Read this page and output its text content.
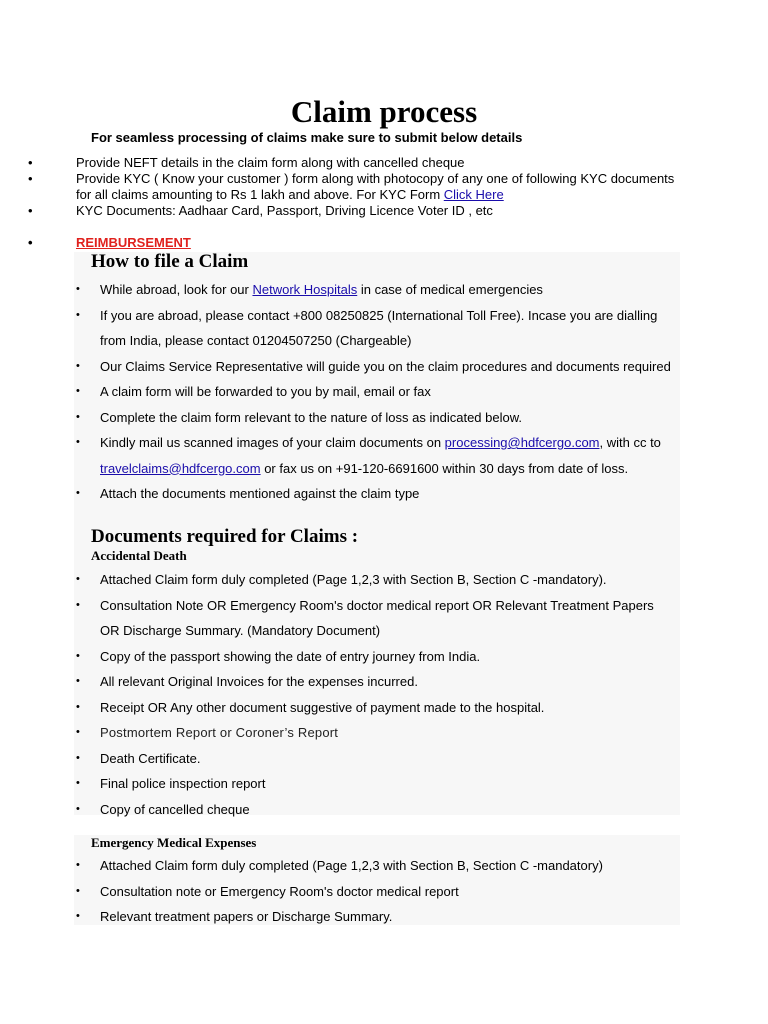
Claim process

For seamless processing of claims make sure to submit below details

• Provide NEFT details in the claim form along with cancelled cheque
• Provide KYC ( Know your customer ) form along with photocopy of any one of following KYC documents for all claims amounting to Rs 1 lakh and above. For KYC Form Click Here
• KYC Documents: Aadhaar Card, Passport, Driving Licence Voter ID , etc
• REIMBURSEMENT
How to file a Claim
• While abroad, look for our Network Hospitals in case of medical emergencies
• If you are abroad, please contact +800 08250825 (International Toll Free). Incase you are dialling from India, please contact 01204507250 (Chargeable)
• Our Claims Service Representative will guide you on the claim procedures and documents required
• A claim form will be forwarded to you by mail, email or fax
• Complete the claim form relevant to the nature of loss as indicated below.
• Kindly mail us scanned images of your claim documents on processing@hdfcergo.com, with cc to travelclaims@hdfcergo.com or fax us on +91-120-6691600 within 30 days from date of loss.
• Attach the documents mentioned against the claim type
Documents required for Claims :
Accidental Death
• Attached Claim form duly completed (Page 1,2,3 with Section B, Section C -mandatory).
• Consultation Note OR Emergency Room's doctor medical report OR Relevant Treatment Papers OR Discharge Summary. (Mandatory Document)
• Copy of the passport showing the date of entry journey from India.
• All relevant Original Invoices for the expenses incurred.
• Receipt OR Any other document suggestive of payment made to the hospital.
• Postmortem Report or Coroner’s Report
• Death Certificate.
• Final police inspection report
• Copy of cancelled cheque
Emergency Medical Expenses
• Attached Claim form duly completed (Page 1,2,3 with Section B, Section C -mandatory)
• Consultation note or Emergency Room's doctor medical report
• Relevant treatment papers or Discharge Summary.
